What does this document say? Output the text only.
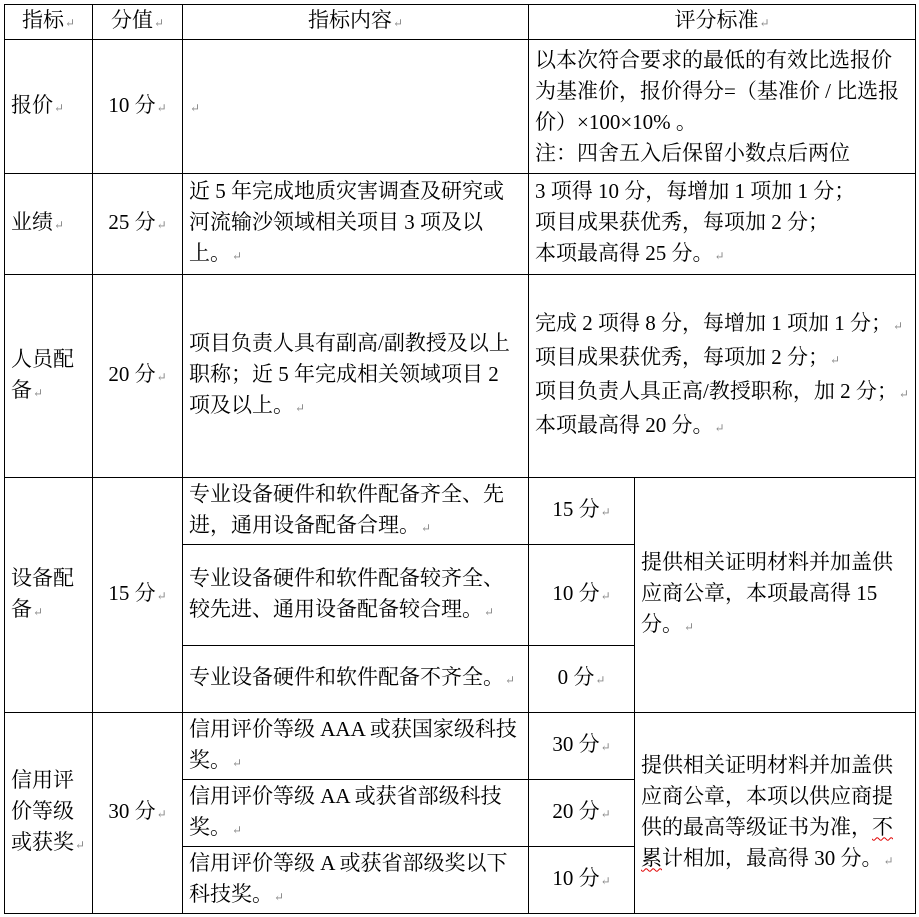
指标↵	分值↵	指标内容↵	评分标准↵	
报价↵	10 分↵	↵	以本次符合要求的最低的有效比选报价为基准价，报价得分=（基准价 / 比选报价）×100×10% 。
注：四舍五入后保留小数点后两位	

业绩↵	25 分↵	近 5 年完成地质灾害调查及研究或河流输沙领域相关项目 3 项及以上。↵	3 项得 10 分，每增加 1 项加 1 分；
项目成果获优秀，每项加 2 分；
本项最高得 25 分。↵	

人员配备↵	20 分↵	项目负责人具有副高/副教授及以上职称；近 5 年完成相关领域项目 2 项及以上。↵	完成 2 项得 8 分，每增加 1 项加 1 分；↵
项目成果获优秀，每项加 2 分；↵
项目负责人具正高/教授职称，加 2 分；↵
本项最高得 20 分。↵	

设备配备↵	15 分↵	专业设备硬件和软件配备齐全、先进，通用设备配备合理。↵	15 分↵	提供相关证明材料并加盖供应商公章，本项最高得 15 分。↵
		专业设备硬件和软件配备较齐全、较先进、通用设备配备较合理。↵	10 分↵	
		专业设备硬件和软件配备不齐全。↵	0 分↵	
信用评价等级或获奖↵	30 分↵	信用评价等级 AAA 或获国家级科技奖。↵	30 分↵	提供相关证明材料并加盖供应商公章，本项以供应商提供的最高等级证书为准，不累计相加，最高得 30 分。↵
		信用评价等级 AA 或获省部级科技奖。↵	20 分↵	
		信用评价等级 A 或获省部级奖以下科技奖。↵	10 分↵	
